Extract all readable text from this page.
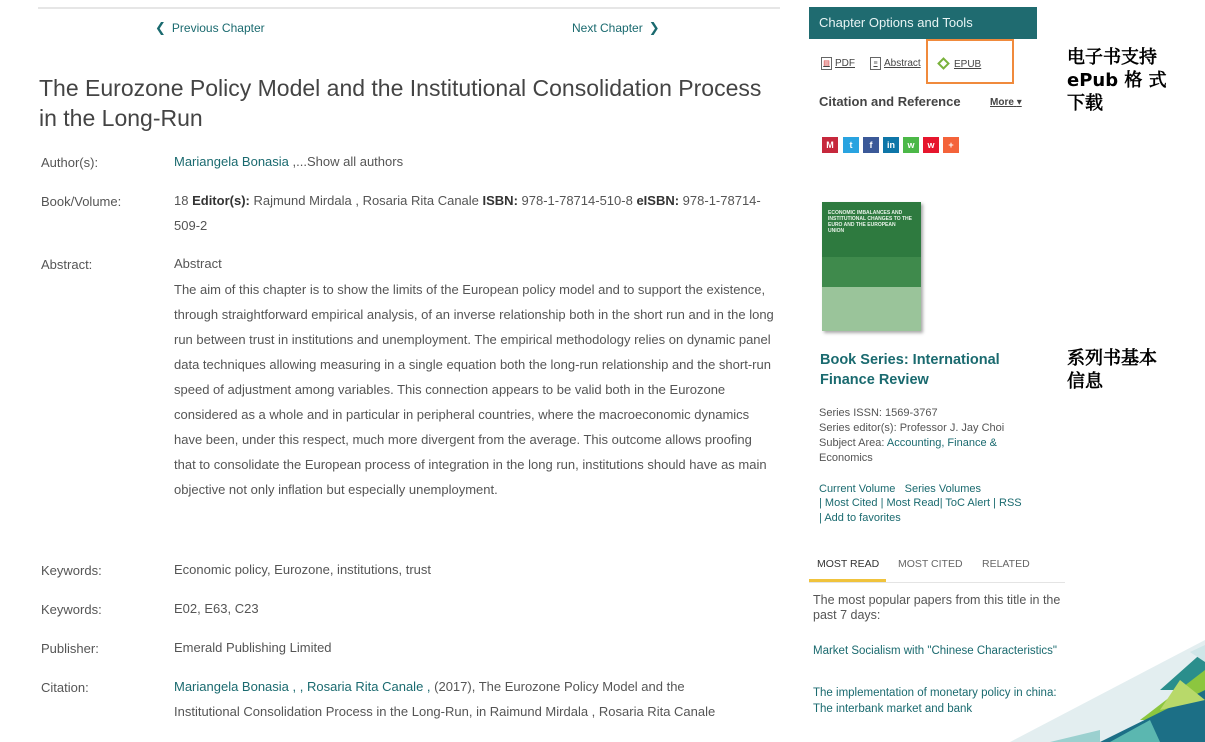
❮ Previous Chapter	Next Chapter ❯
The Eurozone Policy Model and the Institutional Consolidation Process in the Long-Run
Author(s):	Mariangela Bonasia ,...Show all authors
Book/Volume:	18 Editor(s): Rajmund Mirdala , Rosaria Rita Canale ISBN: 978-1-78714-510-8 eISBN: 978-1-78714-509-2
Abstract:	Abstract
The aim of this chapter is to show the limits of the European policy model and to support the existence, through straightforward empirical analysis, of an inverse relationship both in the short run and in the long run between trust in institutions and unemployment. The empirical methodology relies on dynamic panel data techniques allowing measuring in a single equation both the long-run relationship and the short-run speed of adjustment among variables. This connection appears to be valid both in the Eurozone considered as a whole and in particular in peripheral countries, where the macroeconomic dynamics have been, under this respect, much more divergent from the average. This outcome allows proofing that to consolidate the European process of integration in the long run, institutions should have as main objective not only inflation but especially unemployment.
Keywords:	Economic policy, Eurozone, institutions, trust
Keywords:	E02, E63, C23
Publisher:	Emerald Publishing Limited
Citation:	Mariangela Bonasia , , Rosaria Rita Canale , (2017), The Eurozone Policy Model and the
Institutional Consolidation Process in the Long-Run, in Raimund Mirdala , Rosaria Rita Canale
Chapter Options and Tools
▤ PDF	≡ Abstract	EPUB
Citation and Reference	More ▾
M	t	f	in	w	w	+
ECONOMIC IMBALANCES AND INSTITUTIONAL CHANGES TO THE EURO AND THE EUROPEAN UNION
Book Series: International Finance Review
Series ISSN: 1569-3767
Series editor(s): Professor J. Jay Choi
Subject Area: Accounting, Finance &
Economics
Current Volume Series Volumes
| Most Cited | Most Read| ToC Alert | RSS
| Add to favorites
MOST READ MOST CITED RELATED
The most popular papers from this title in the past 7 days:
Market Socialism with "Chinese Characteristics"
The implementation of monetary policy in china: The interbank market and bank
电子书支持
ePub 格 式
下载
系列书基本
信息
